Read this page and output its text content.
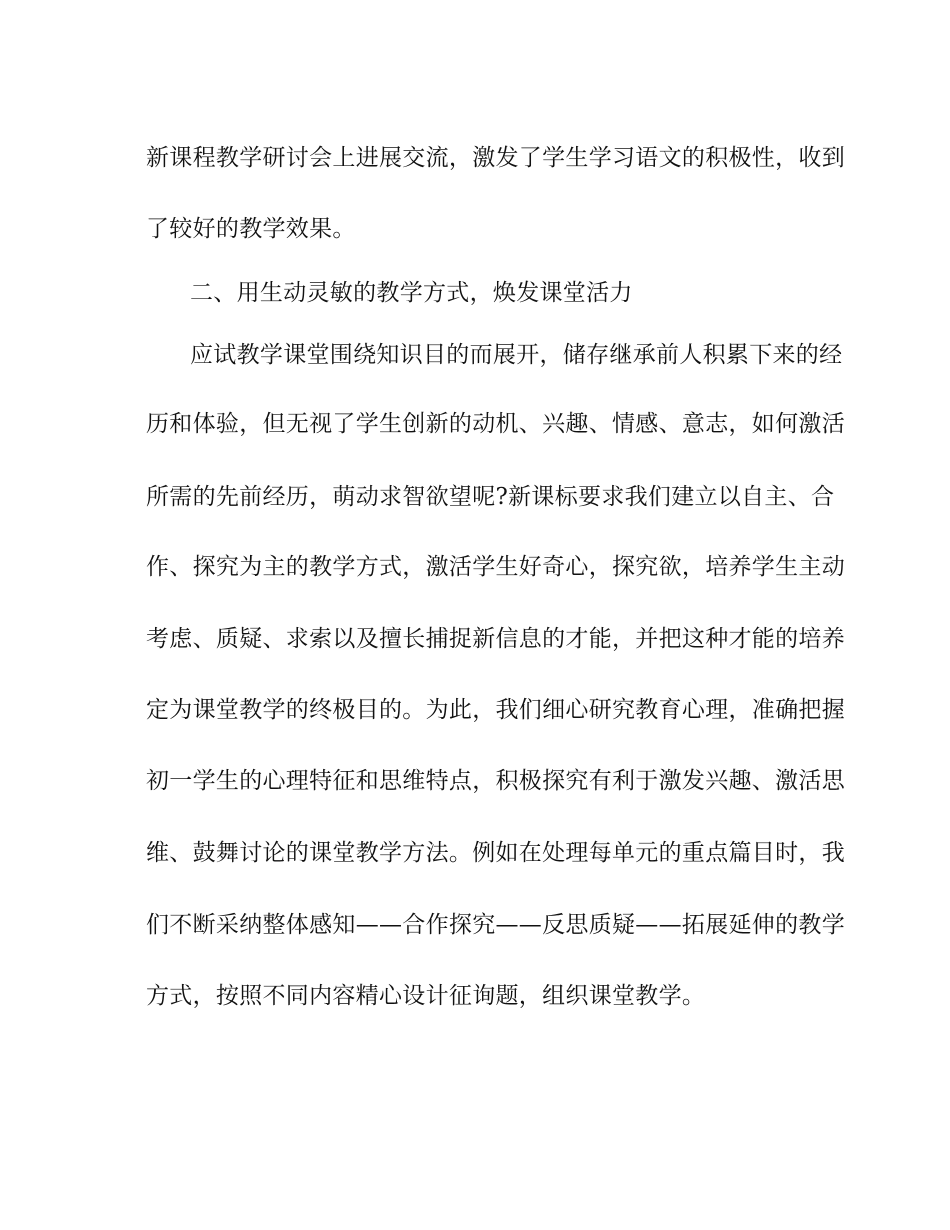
新课程教学研讨会上进展交流，激发了学生学习语文的积极性，收到
了较好的教学效果。
二、用生动灵敏的教学方式，焕发课堂活力
应试教学课堂围绕知识目的而展开，储存继承前人积累下来的经
历和体验，但无视了学生创新的动机、兴趣、情感、意志，如何激活
所需的先前经历，萌动求智欲望呢?新课标要求我们建立以自主、合
作、探究为主的教学方式，激活学生好奇心，探究欲，培养学生主动
考虑、质疑、求索以及擅长捕捉新信息的才能，并把这种才能的培养
定为课堂教学的终极目的。为此，我们细心研究教育心理，准确把握
初一学生的心理特征和思维特点，积极探究有利于激发兴趣、激活思
维、鼓舞讨论的课堂教学方法。例如在处理每单元的重点篇目时，我
们不断采纳整体感知——合作探究——反思质疑——拓展延伸的教学
方式，按照不同内容精心设计征询题，组织课堂教学。
